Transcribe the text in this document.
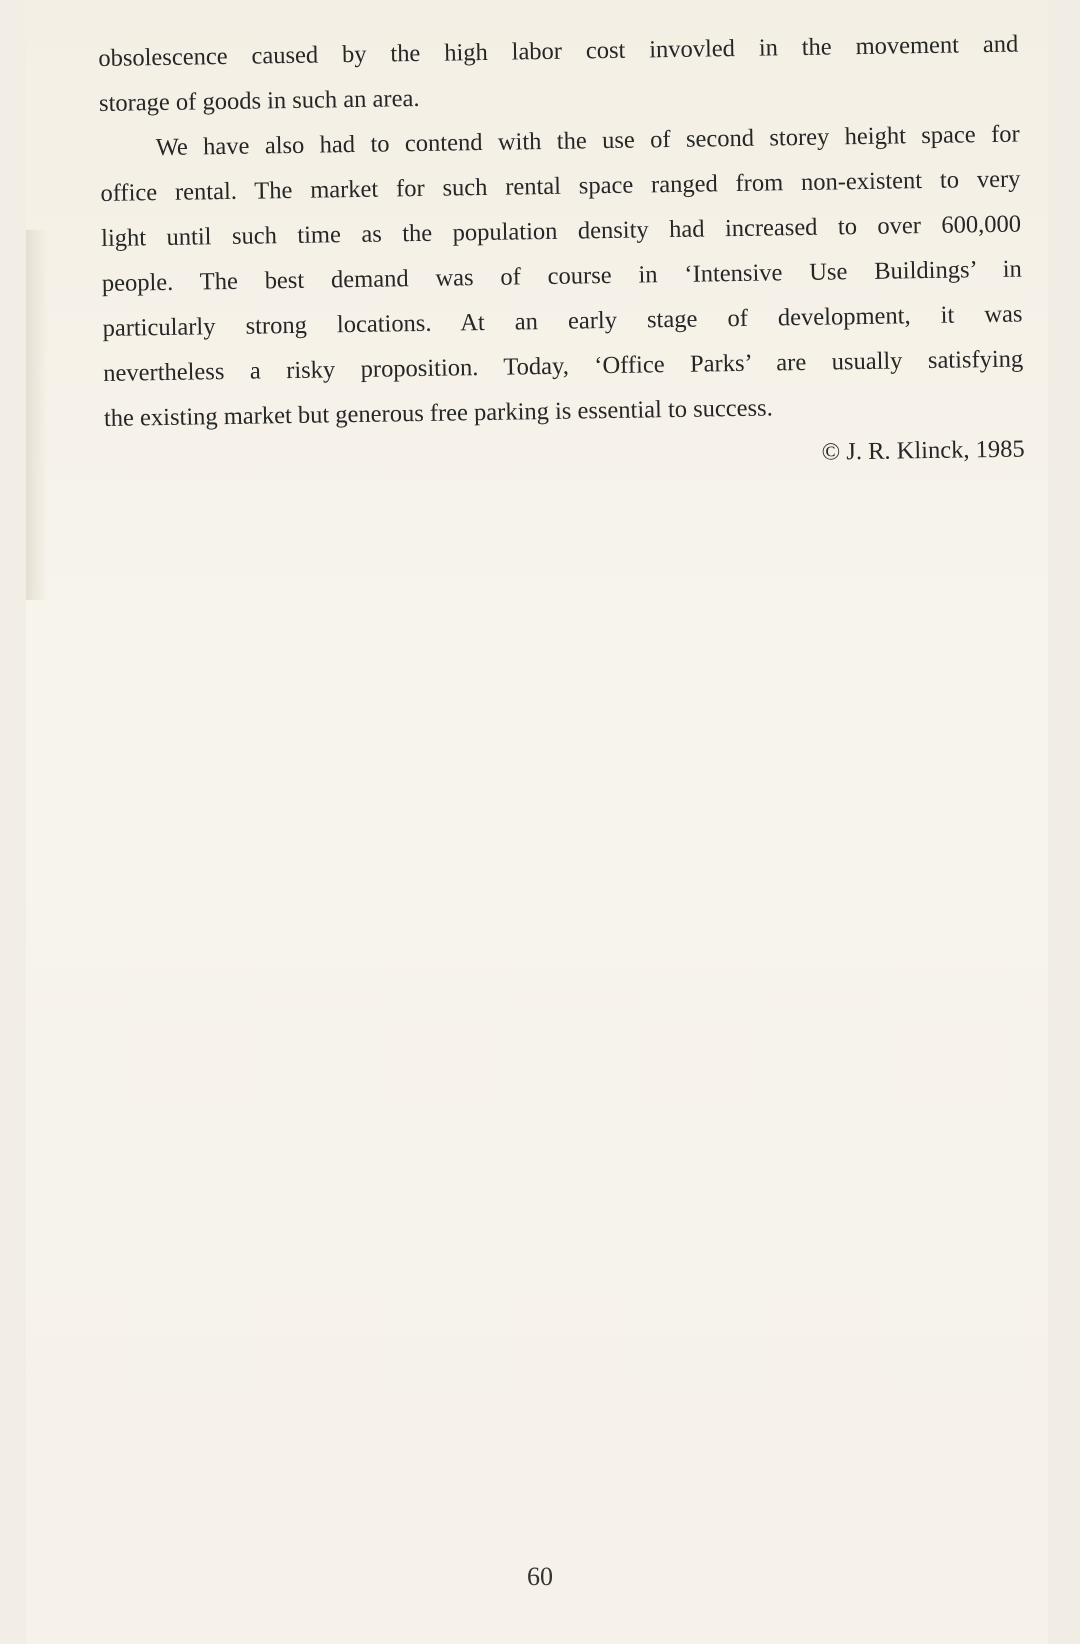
obsolescence caused by the high labor cost invovled in the movement and
storage of goods in such an area.
We have also had to contend with the use of second storey height space for
office rental. The market for such rental space ranged from non-existent to very
light until such time as the population density had increased to over 600,000
people. The best demand was of course in ‘Intensive Use Buildings’ in
particularly strong locations. At an early stage of development, it was
nevertheless a risky proposition. Today, ‘Office Parks’ are usually satisfying
the existing market but generous free parking is essential to success.
© J. R. Klinck, 1985
60
